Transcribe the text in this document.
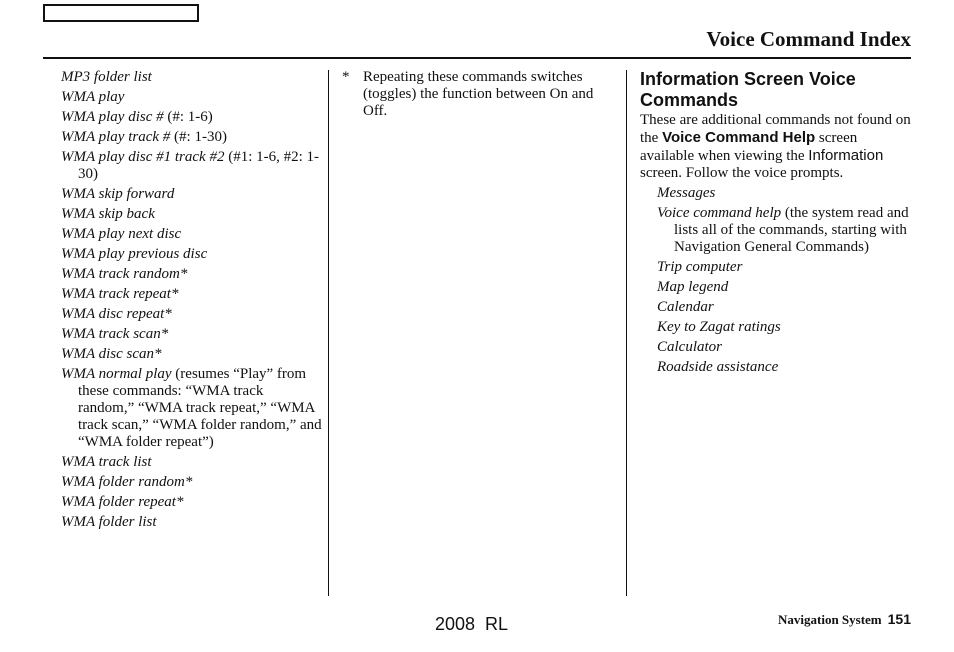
Voice Command Index
MP3 folder list
WMA play
WMA play disc # (#: 1-6)
WMA play track # (#: 1-30)
WMA play disc #1 track #2 (#1: 1-6, #2: 1-30)
WMA skip forward
WMA skip back
WMA play next disc
WMA play previous disc
WMA track random*
WMA track repeat*
WMA disc repeat*
WMA track scan*
WMA disc scan*
WMA normal play (resumes “Play” from these commands: “WMA track random,” “WMA track repeat,” “WMA track scan,” “WMA folder random,” and “WMA folder repeat”)
WMA track list
WMA folder random*
WMA folder repeat*
WMA folder list
* Repeating these commands switches (toggles) the function between On and Off.
Information Screen Voice Commands
These are additional commands not found on the Voice Command Help screen available when viewing the Information screen. Follow the voice prompts.
Messages
Voice command help (the system read and lists all of the commands, starting with Navigation General Commands)
Trip computer
Map legend
Calendar
Key to Zagat ratings
Calculator
Roadside assistance
2008  RL	Navigation System 151
